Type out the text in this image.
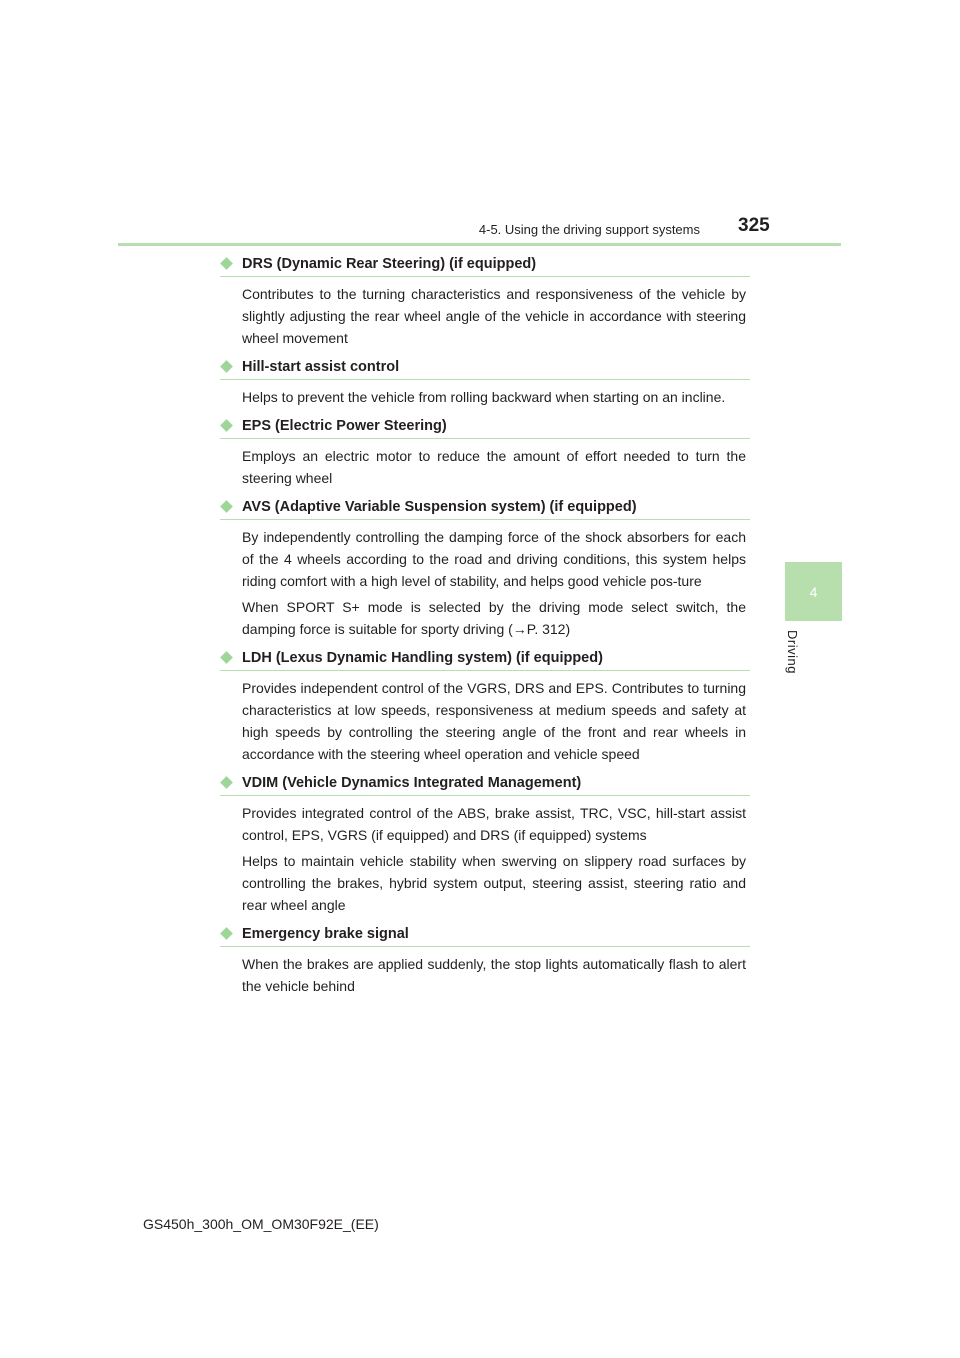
4-5. Using the driving support systems 325
4
Driving
DRS (Dynamic Rear Steering) (if equipped)

Contributes to the turning characteristics and responsiveness of the vehicle by slightly adjusting the rear wheel angle of the vehicle in accordance with steering wheel movement

Hill-start assist control

Helps to prevent the vehicle from rolling backward when starting on an incline.

EPS (Electric Power Steering)

Employs an electric motor to reduce the amount of effort needed to turn the steering wheel

AVS (Adaptive Variable Suspension system) (if equipped)

By independently controlling the damping force of the shock absorbers for each of the 4 wheels according to the road and driving conditions, this system helps riding comfort with a high level of stability, and helps good vehicle pos-ture

When SPORT S+ mode is selected by the driving mode select switch, the damping force is suitable for sporty driving (→P. 312)

LDH (Lexus Dynamic Handling system) (if equipped)

Provides independent control of the VGRS, DRS and EPS. Contributes to turning characteristics at low speeds, responsiveness at medium speeds and safety at high speeds by controlling the steering angle of the front and rear wheels in accordance with the steering wheel operation and vehicle speed

VDIM (Vehicle Dynamics Integrated Management)

Provides integrated control of the ABS, brake assist, TRC, VSC, hill-start assist control, EPS, VGRS (if equipped) and DRS (if equipped) systems

Helps to maintain vehicle stability when swerving on slippery road surfaces by controlling the brakes, hybrid system output, steering assist, steering ratio and rear wheel angle

Emergency brake signal

When the brakes are applied suddenly, the stop lights automatically flash to alert the vehicle behind

GS450h_300h_OM_OM30F92E_(EE)
